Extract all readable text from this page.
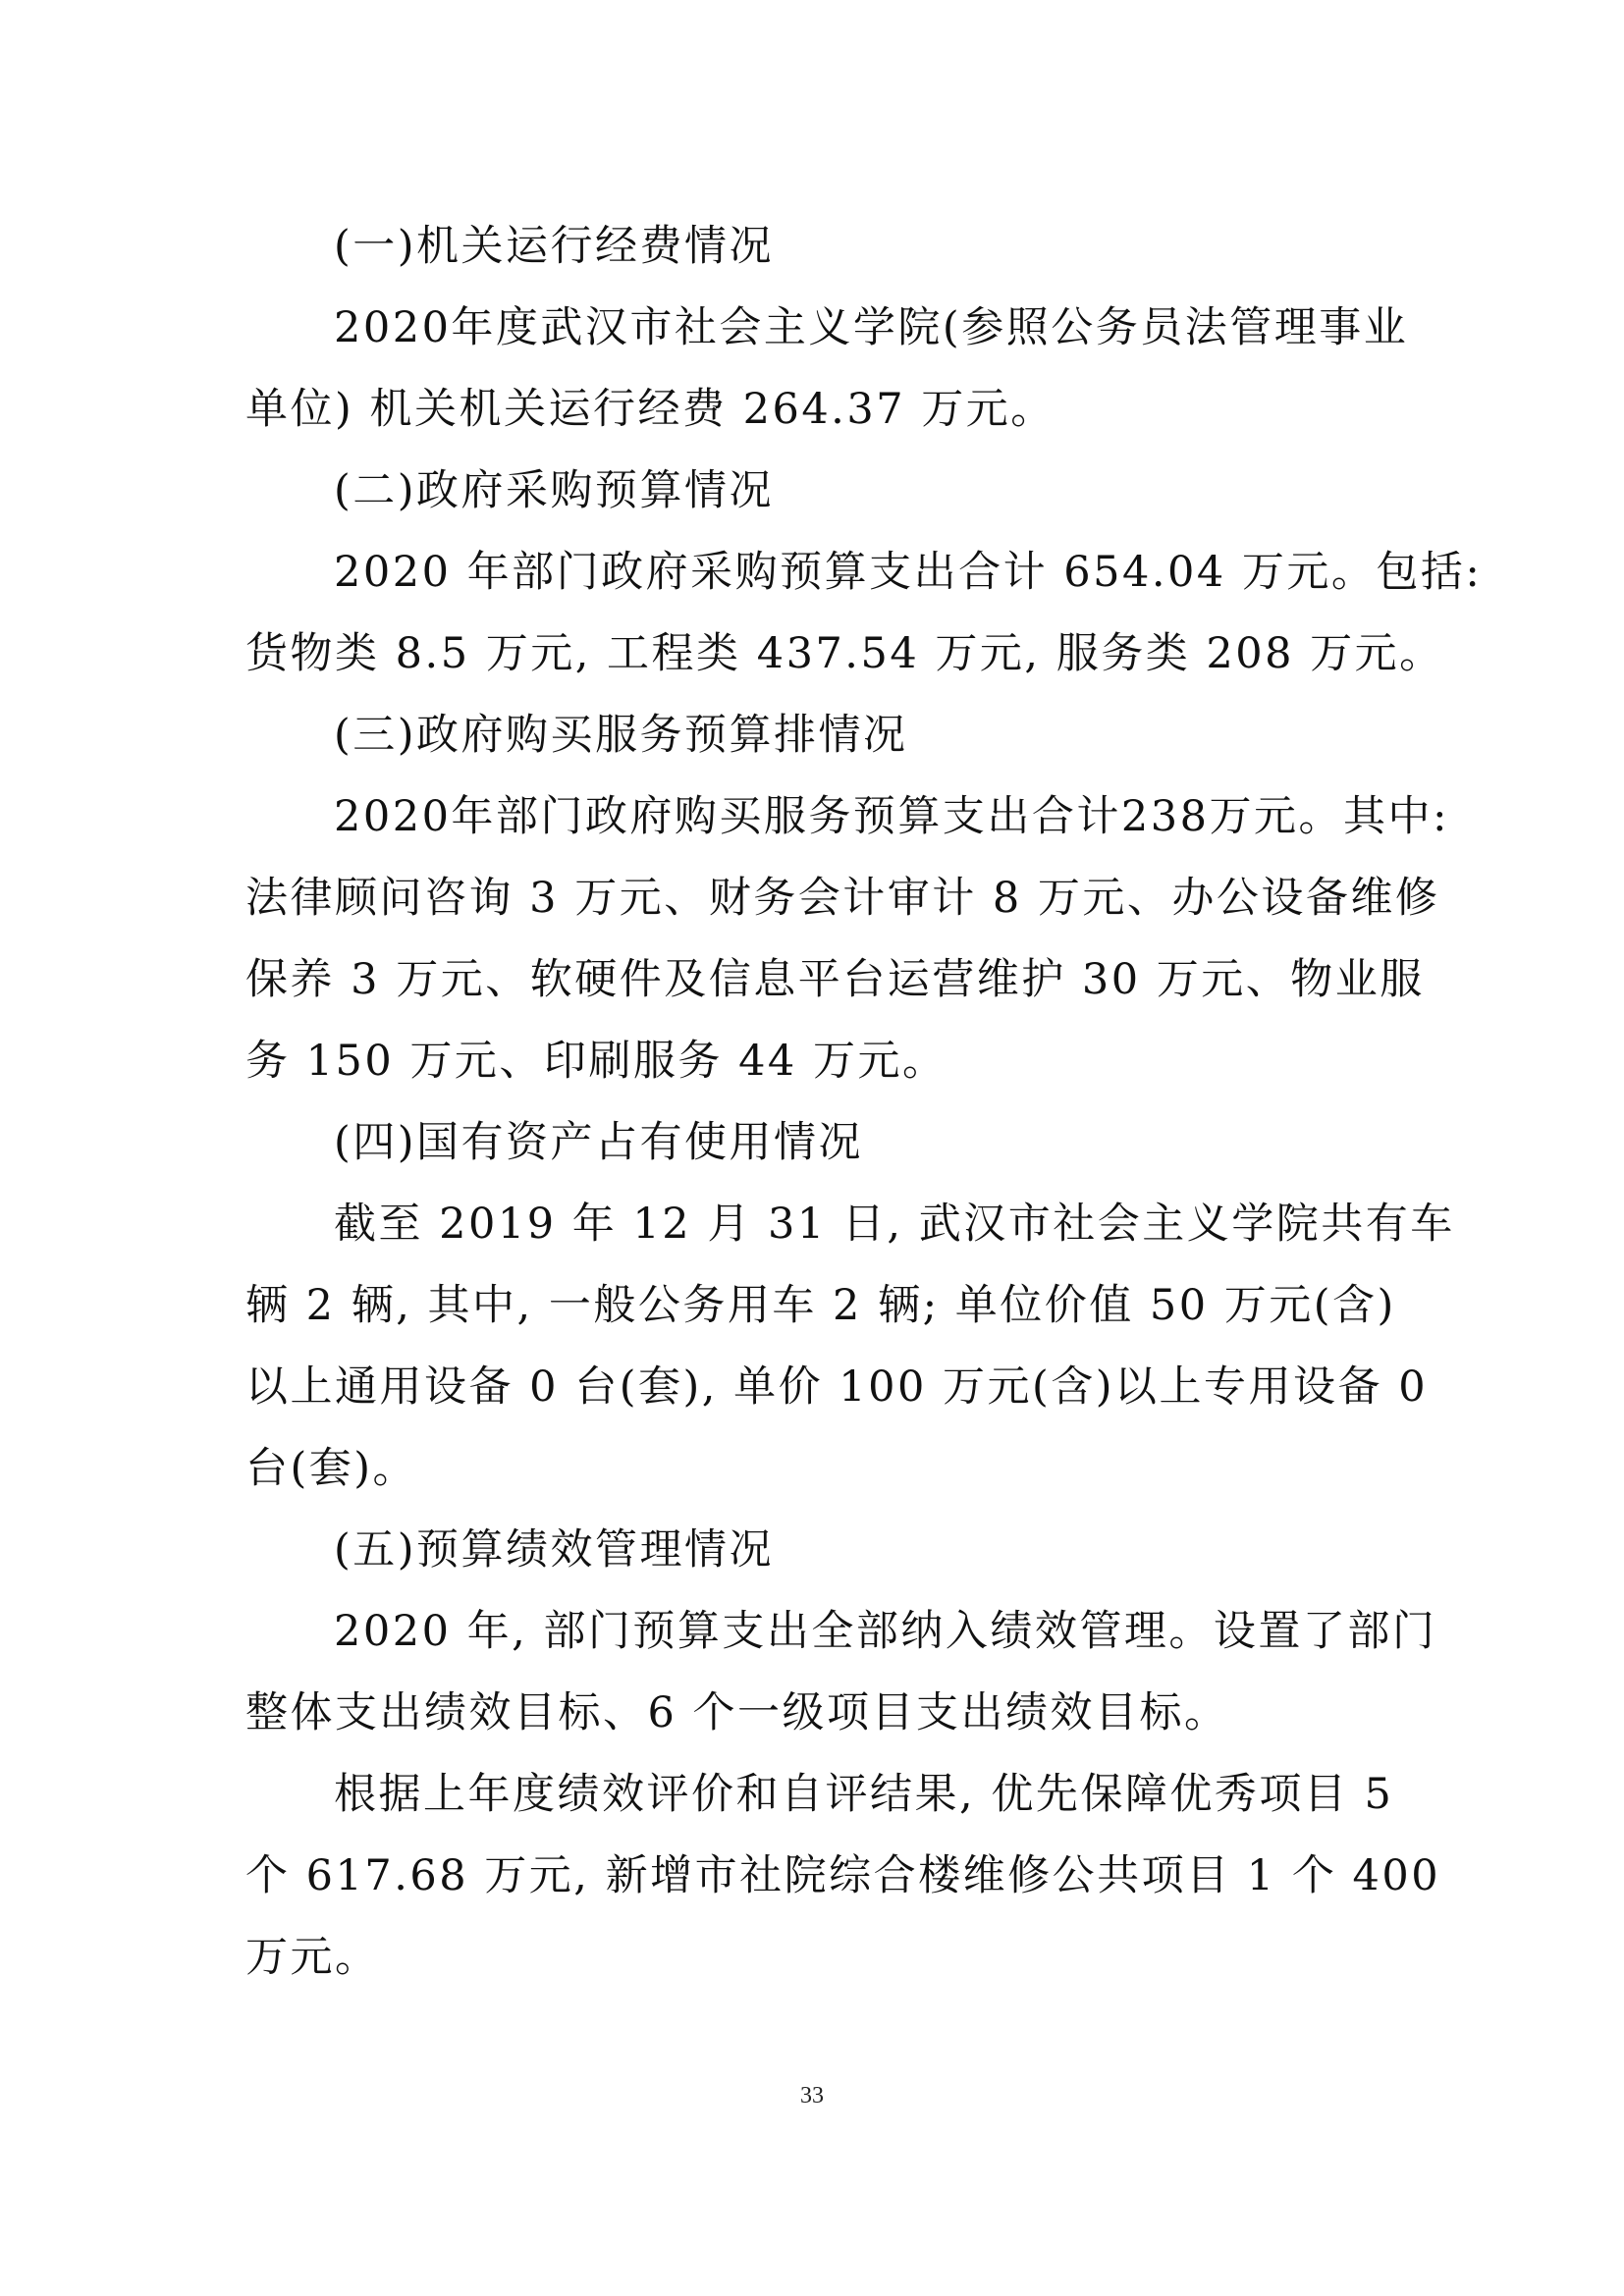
(一)机关运行经费情况
2020年度武汉市社会主义学院(参照公务员法管理事业
单位) 机关机关运行经费 264.37 万元。
(二)政府采购预算情况
2020 年部门政府采购预算支出合计 654.04 万元。包括:
货物类 8.5 万元, 工程类 437.54 万元, 服务类 208 万元。
(三)政府购买服务预算排情况
2020年部门政府购买服务预算支出合计238万元。其中:
法律顾问咨询 3 万元、财务会计审计 8 万元、办公设备维修
保养 3 万元、软硬件及信息平台运营维护 30 万元、物业服
务 150 万元、印刷服务 44 万元。
(四)国有资产占有使用情况
截至 2019 年 12 月 31 日, 武汉市社会主义学院共有车
辆 2 辆, 其中, 一般公务用车 2 辆; 单位价值 50 万元(含)
以上通用设备 0 台(套), 单价 100 万元(含)以上专用设备 0
台(套)。
(五)预算绩效管理情况
2020 年, 部门预算支出全部纳入绩效管理。设置了部门
整体支出绩效目标、6 个一级项目支出绩效目标。
根据上年度绩效评价和自评结果, 优先保障优秀项目 5
个 617.68 万元, 新增市社院综合楼维修公共项目 1 个 400
万元。
33
